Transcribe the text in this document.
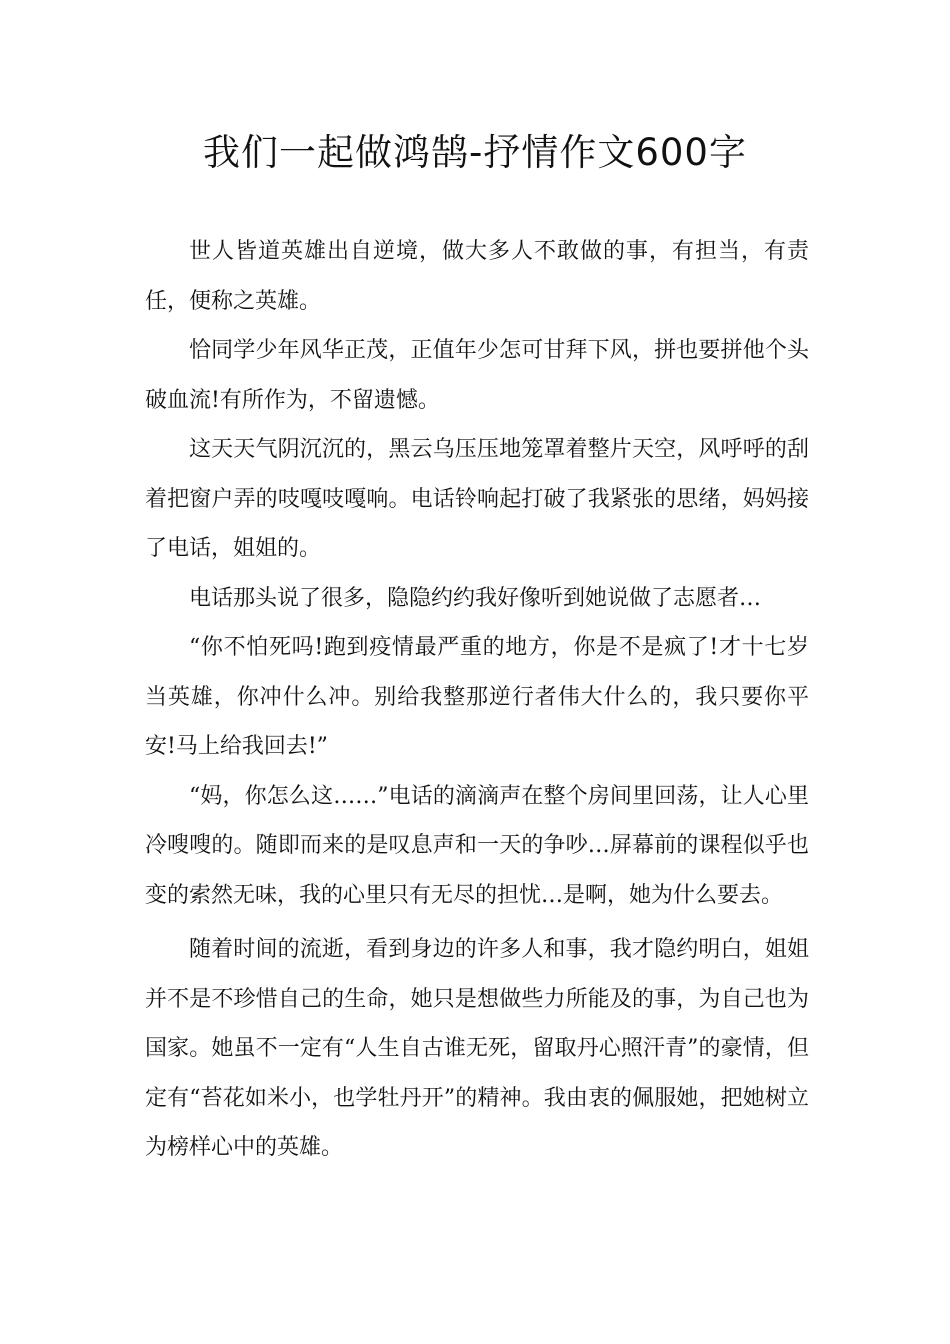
我们一起做鸿鹄-抒情作文600字

世人皆道英雄出自逆境，做大多人不敢做的事，有担当，有责任，便称之英雄。

恰同学少年风华正茂，正值年少怎可甘拜下风，拼也要拼他个头破血流!有所作为，不留遗憾。

这天天气阴沉沉的，黑云乌压压地笼罩着整片天空，风呼呼的刮着把窗户弄的吱嘎吱嘎响。电话铃响起打破了我紧张的思绪，妈妈接了电话，姐姐的。

电话那头说了很多，隐隐约约我好像听到她说做了志愿者…

“你不怕死吗!跑到疫情最严重的地方，你是不是疯了!才十七岁当英雄，你冲什么冲。别给我整那逆行者伟大什么的，我只要你平安!马上给我回去!”

“妈，你怎么这……”电话的滴滴声在整个房间里回荡，让人心里冷嗖嗖的。随即而来的是叹息声和一天的争吵…屏幕前的课程似乎也变的索然无味，我的心里只有无尽的担忧…是啊，她为什么要去。

随着时间的流逝，看到身边的许多人和事，我才隐约明白，姐姐并不是不珍惜自己的生命，她只是想做些力所能及的事，为自己也为国家。她虽不一定有“人生自古谁无死，留取丹心照汗青”的豪情，但定有“苔花如米小，也学牡丹开”的精神。我由衷的佩服她，把她树立为榜样心中的英雄。
